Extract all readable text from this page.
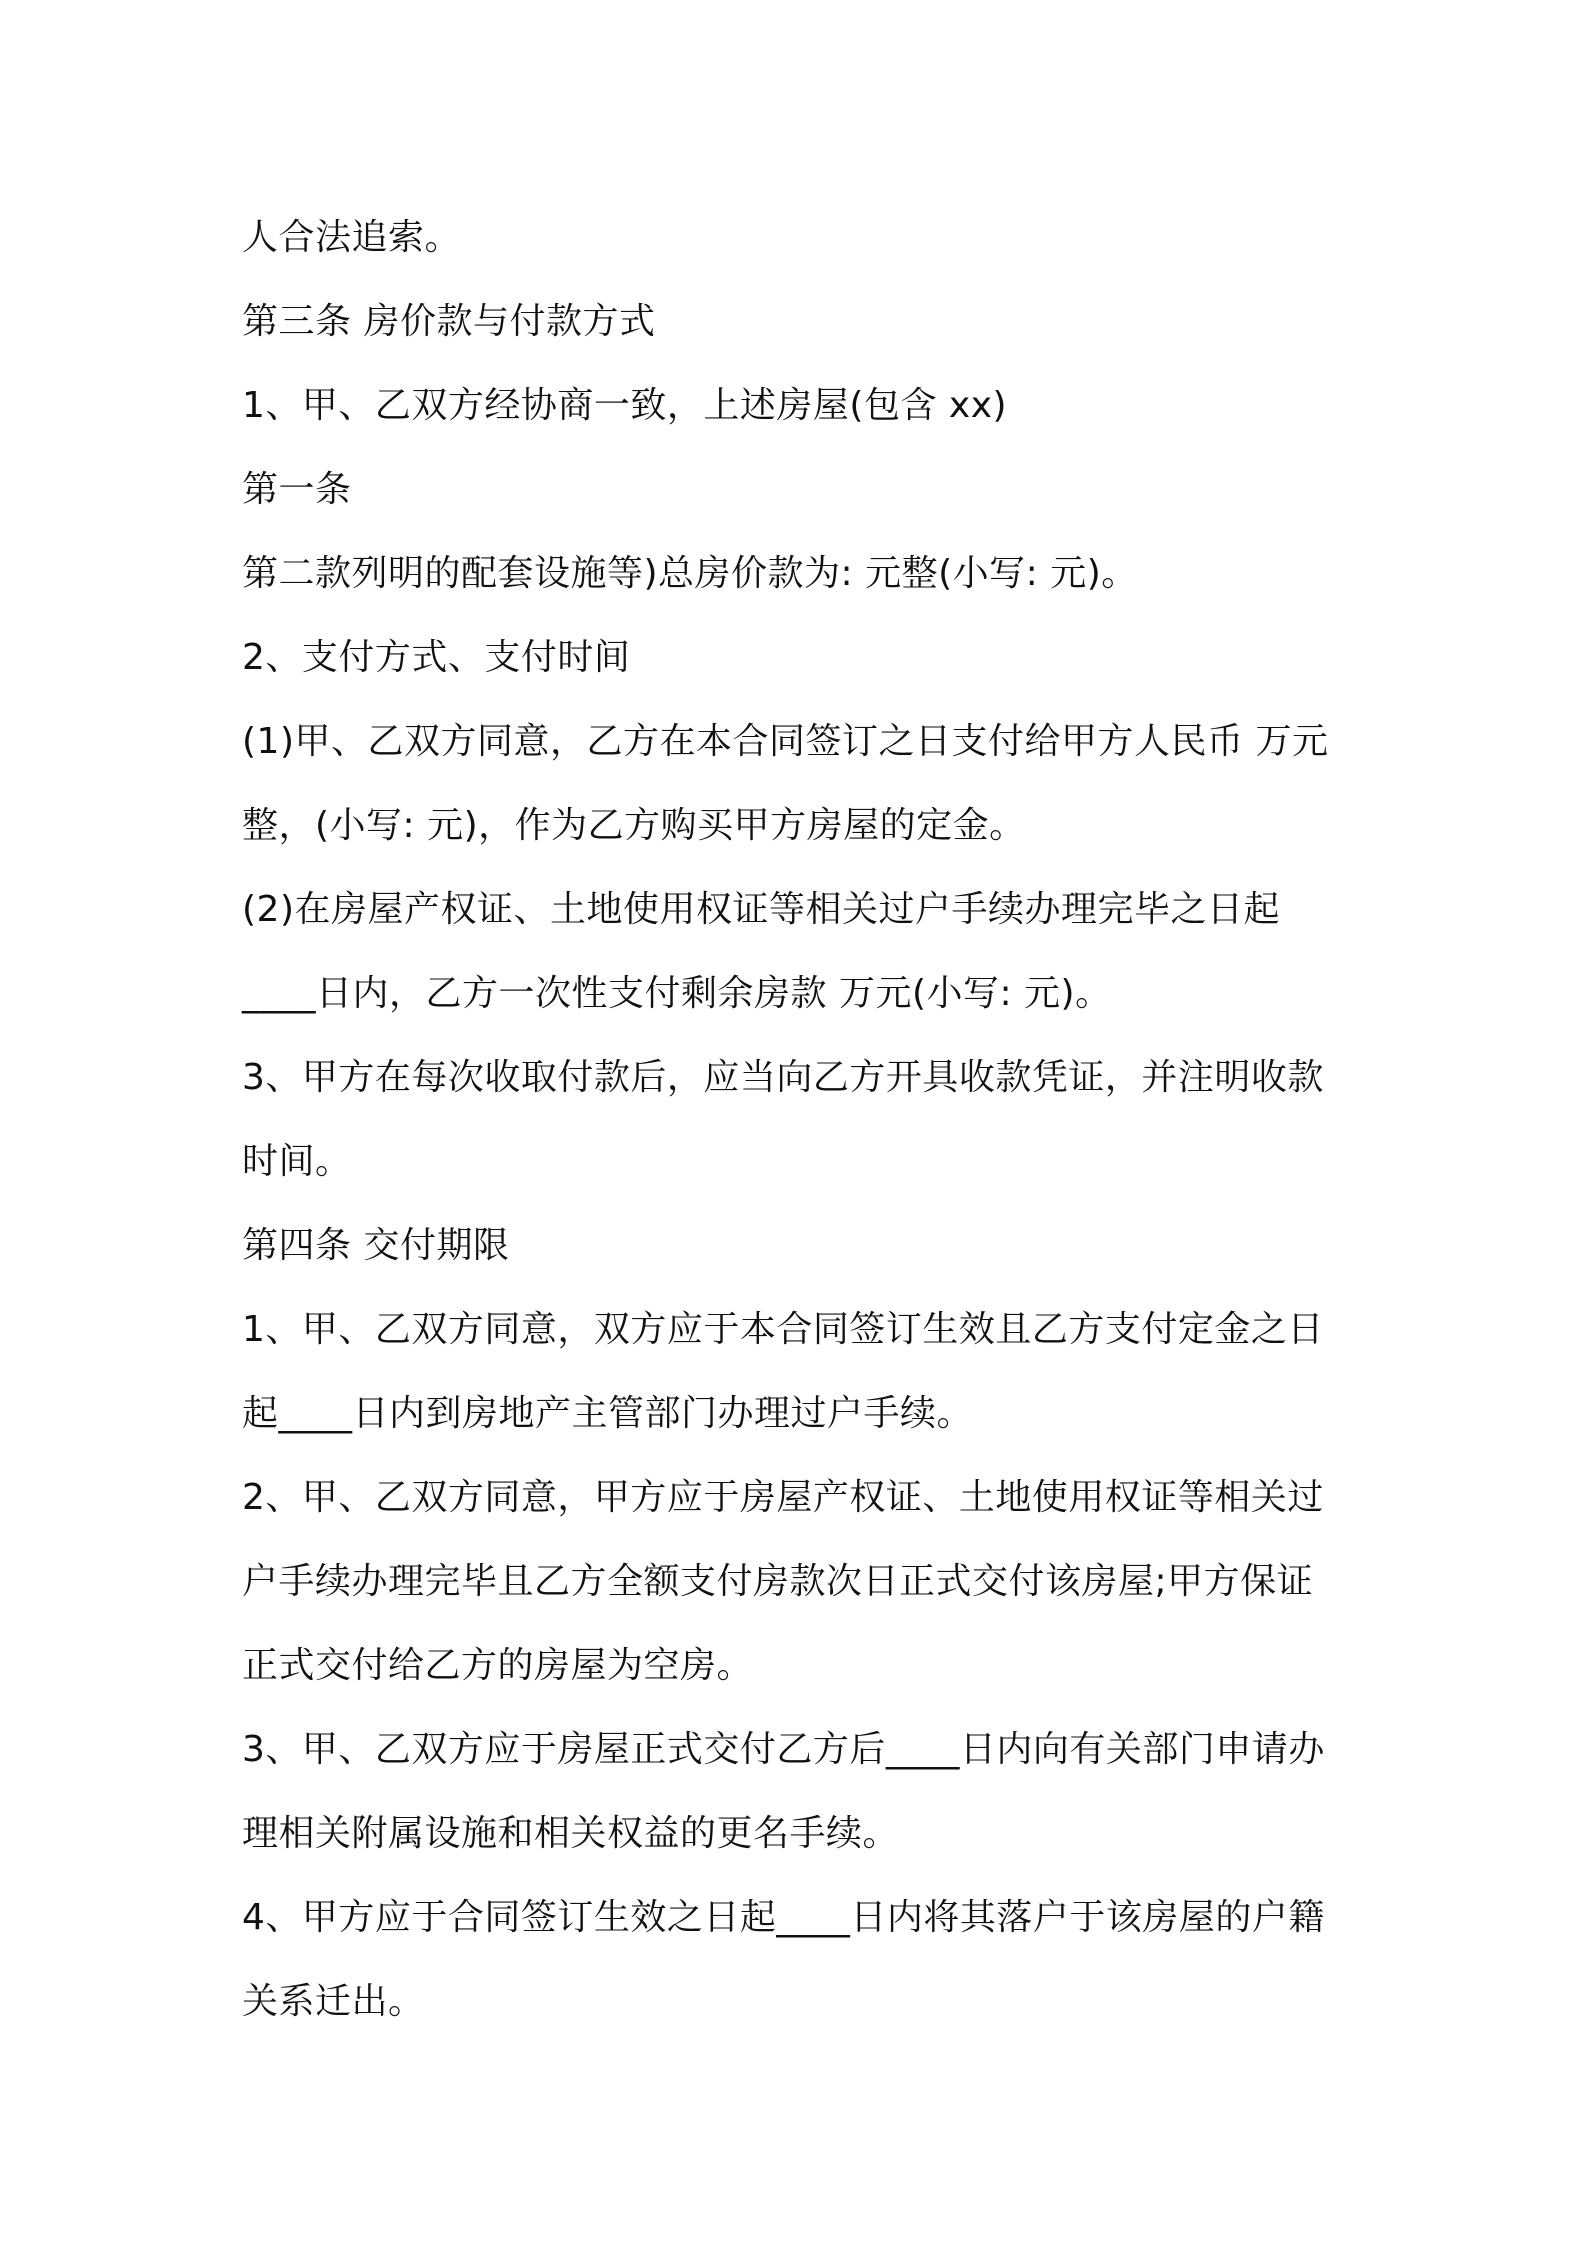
人合法追索。
第三条 房价款与付款方式
1、甲、乙双方经协商一致，上述房屋(包含 xx)
第一条
第二款列明的配套设施等)总房价款为: 元整(小写: 元)。
2、支付方式、支付时间
(1)甲、乙双方同意，乙方在本合同签订之日支付给甲方人民币 万元
整，(小写: 元)，作为乙方购买甲方房屋的定金。
(2)在房屋产权证、土地使用权证等相关过户手续办理完毕之日起
____日内，乙方一次性支付剩余房款 万元(小写: 元)。
3、甲方在每次收取付款后，应当向乙方开具收款凭证，并注明收款
时间。
第四条 交付期限
1、甲、乙双方同意，双方应于本合同签订生效且乙方支付定金之日
起____日内到房地产主管部门办理过户手续。
2、甲、乙双方同意，甲方应于房屋产权证、土地使用权证等相关过
户手续办理完毕且乙方全额支付房款次日正式交付该房屋;甲方保证
正式交付给乙方的房屋为空房。
3、甲、乙双方应于房屋正式交付乙方后____日内向有关部门申请办
理相关附属设施和相关权益的更名手续。
4、甲方应于合同签订生效之日起____日内将其落户于该房屋的户籍
关系迁出。
